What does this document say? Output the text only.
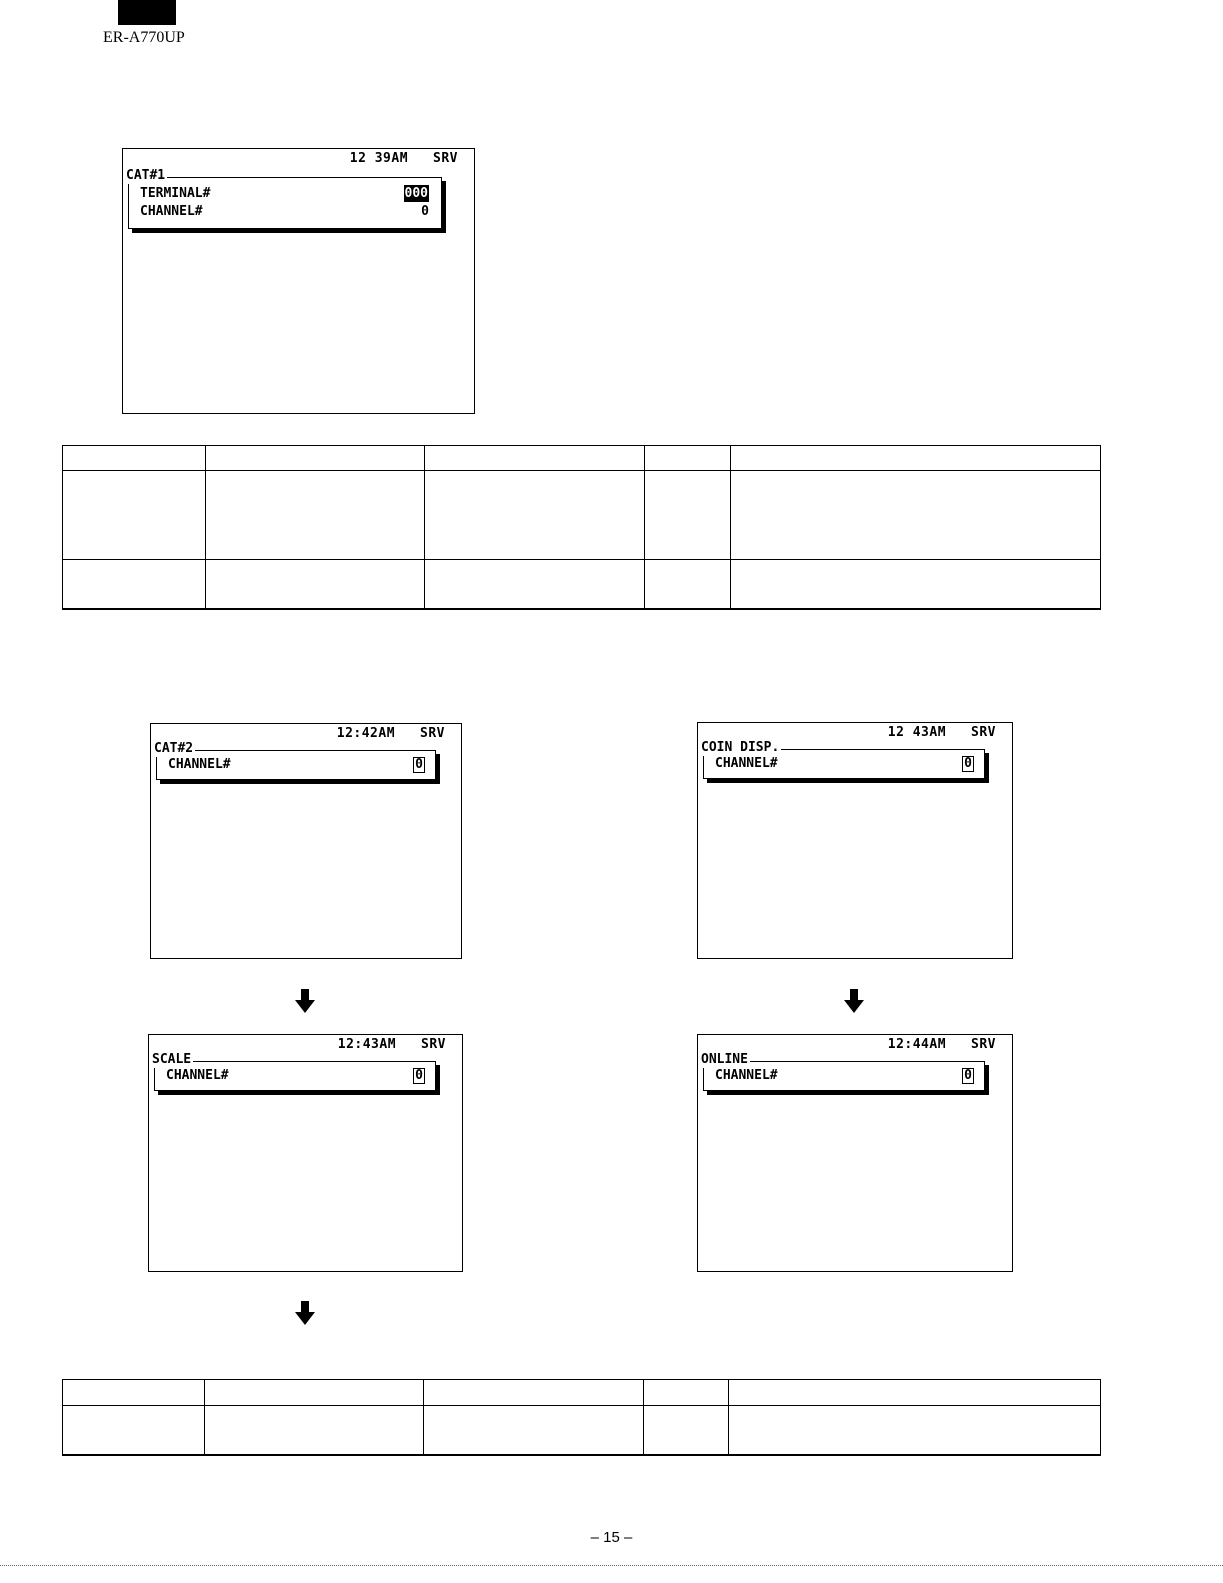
ER-A770UP
12 39AM   SRV
CAT#1
TERMINAL#	000
CHANNEL#	0

12:42AM   SRV
CAT#2
CHANNEL#	0
12 43AM   SRV
COIN DISP.
CHANNEL#	0
12:43AM   SRV
SCALE
CHANNEL#	0
12:44AM   SRV
ONLINE
CHANNEL#	0

– 15 –
